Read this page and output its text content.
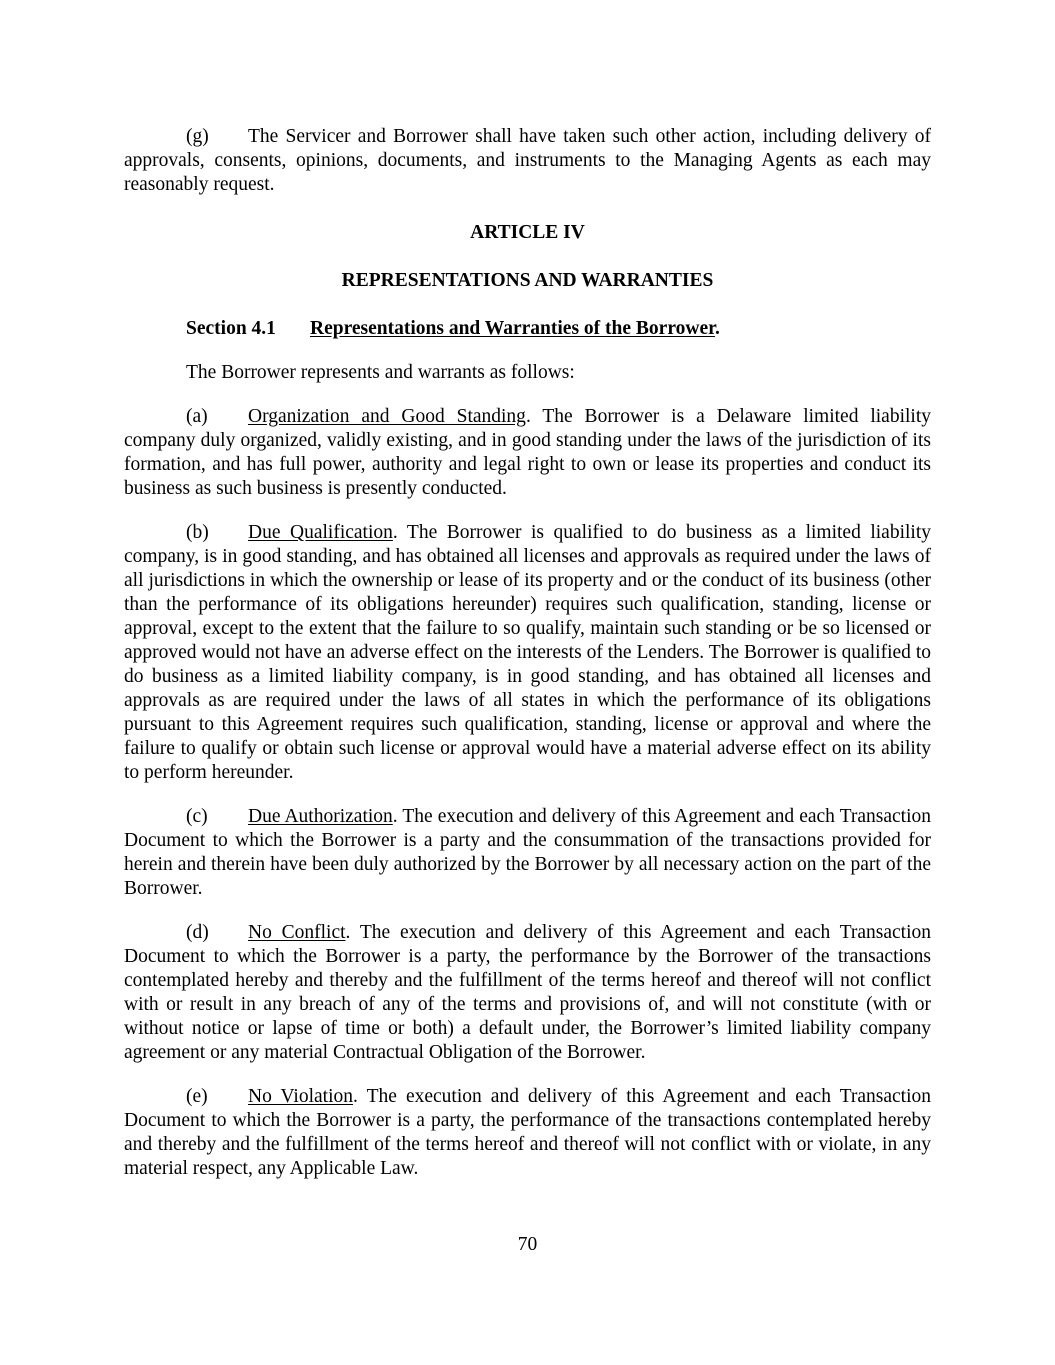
(g) The Servicer and Borrower shall have taken such other action, including delivery of approvals, consents, opinions, documents, and instruments to the Managing Agents as each may reasonably request.

ARTICLE IV

REPRESENTATIONS AND WARRANTIES

Section 4.1 Representations and Warranties of the Borrower.

The Borrower represents and warrants as follows:

(a) Organization and Good Standing. The Borrower is a Delaware limited liability company duly organized, validly existing, and in good standing under the laws of the jurisdiction of its formation, and has full power, authority and legal right to own or lease its properties and conduct its business as such business is presently conducted.

(b) Due Qualification. The Borrower is qualified to do business as a limited liability company, is in good standing, and has obtained all licenses and approvals as required under the laws of all jurisdictions in which the ownership or lease of its property and or the conduct of its business (other than the performance of its obligations hereunder) requires such qualification, standing, license or approval, except to the extent that the failure to so qualify, maintain such standing or be so licensed or approved would not have an adverse effect on the interests of the Lenders. The Borrower is qualified to do business as a limited liability company, is in good standing, and has obtained all licenses and approvals as are required under the laws of all states in which the performance of its obligations pursuant to this Agreement requires such qualification, standing, license or approval and where the failure to qualify or obtain such license or approval would have a material adverse effect on its ability to perform hereunder.

(c) Due Authorization. The execution and delivery of this Agreement and each Transaction Document to which the Borrower is a party and the consummation of the transactions provided for herein and therein have been duly authorized by the Borrower by all necessary action on the part of the Borrower.

(d) No Conflict. The execution and delivery of this Agreement and each Transaction Document to which the Borrower is a party, the performance by the Borrower of the transactions contemplated hereby and thereby and the fulfillment of the terms hereof and thereof will not conflict with or result in any breach of any of the terms and provisions of, and will not constitute (with or without notice or lapse of time or both) a default under, the Borrower’s limited liability company agreement or any material Contractual Obligation of the Borrower.

(e) No Violation. The execution and delivery of this Agreement and each Transaction Document to which the Borrower is a party, the performance of the transactions contemplated hereby and thereby and the fulfillment of the terms hereof and thereof will not conflict with or violate, in any material respect, any Applicable Law.

70
